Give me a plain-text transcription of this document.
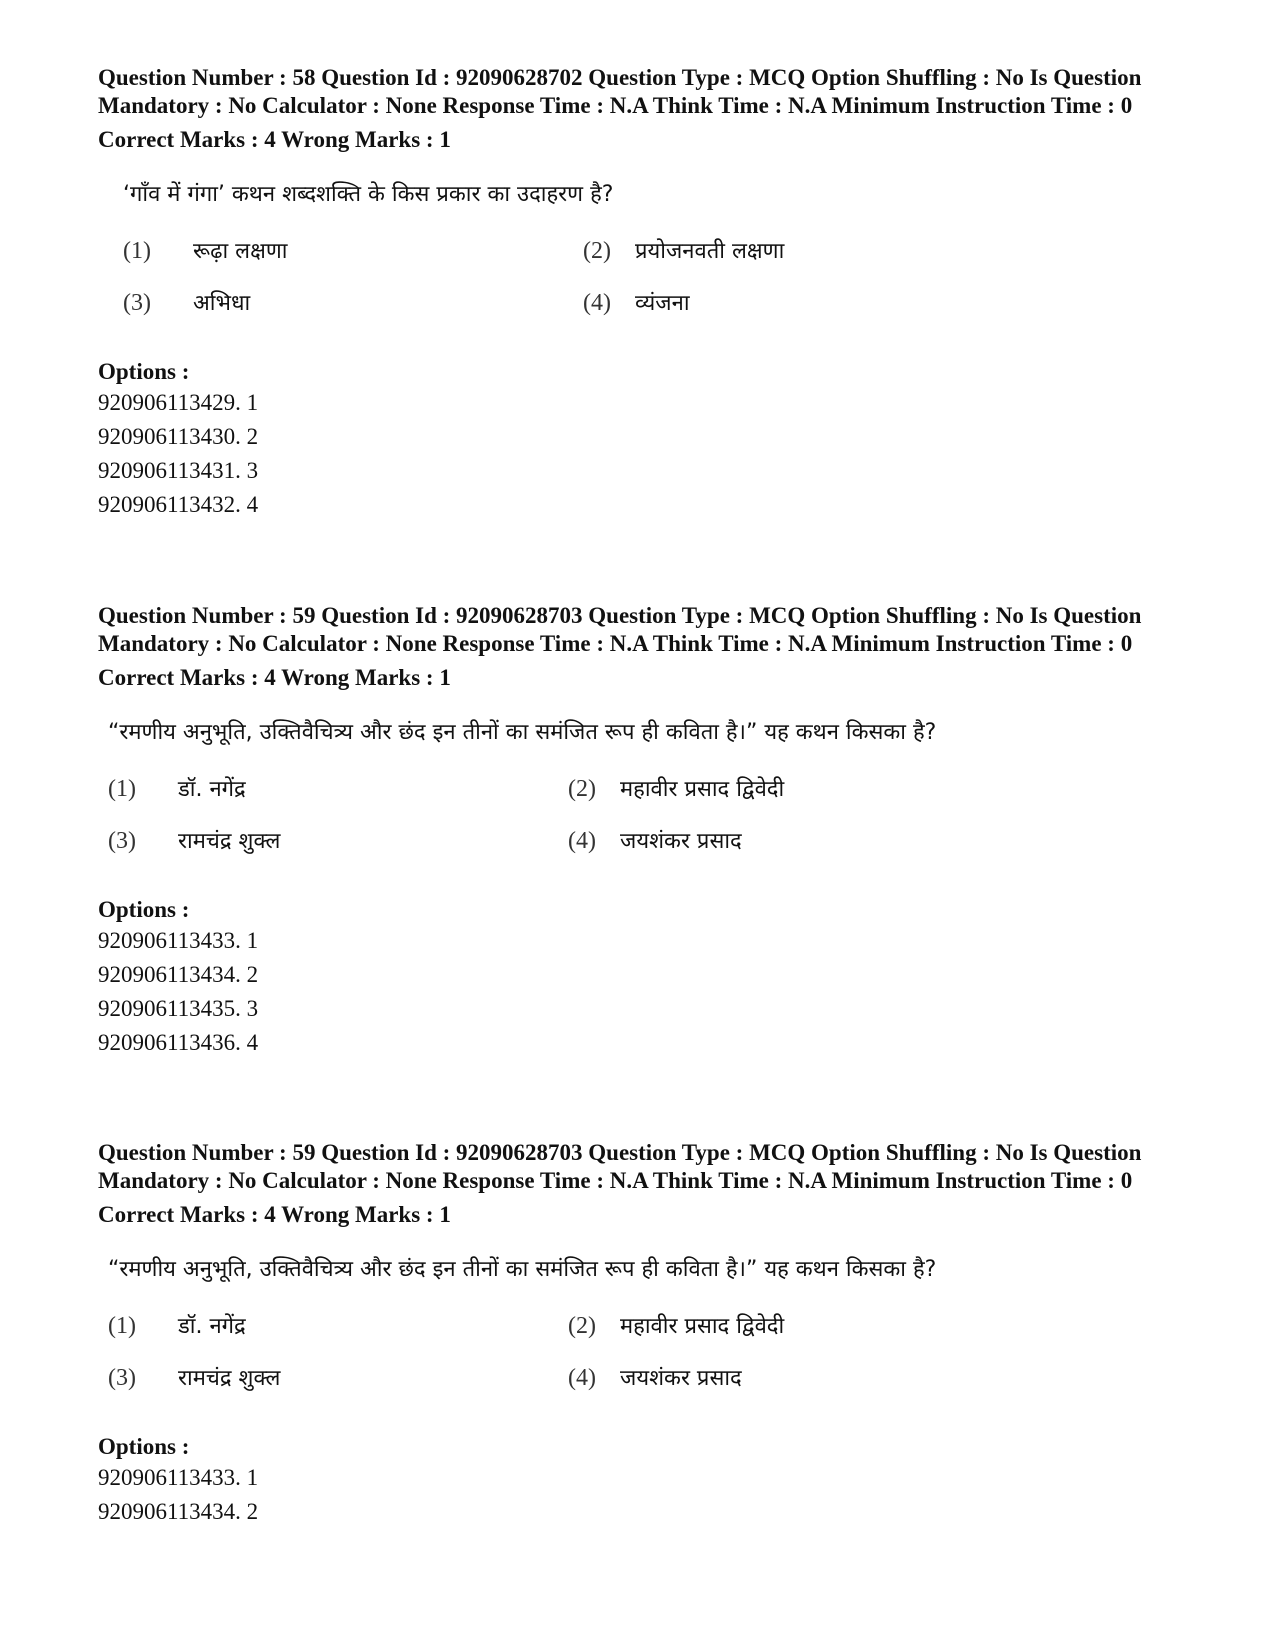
Question Number : 58 Question Id : 92090628702 Question Type : MCQ Option Shuffling : No Is Question Mandatory : No Calculator : None Response Time : N.A Think Time : N.A Minimum Instruction Time : 0

Correct Marks : 4 Wrong Marks : 1

‘गाँव में गंगा’ कथन शब्दशक्ति के किस प्रकार का उदाहरण है?
(1) रूढ़ा लक्षणा	(2) प्रयोजनवती लक्षणा
(3) अभिधा	(4) व्यंजना

Options :

920906113429. 1

920906113430. 2

920906113431. 3

920906113432. 4

Question Number : 59 Question Id : 92090628703 Question Type : MCQ Option Shuffling : No Is Question Mandatory : No Calculator : None Response Time : N.A Think Time : N.A Minimum Instruction Time : 0

Correct Marks : 4 Wrong Marks : 1

“रमणीय अनुभूति, उक्तिवैचित्र्य और छंद इन तीनों का समंजित रूप ही कविता है।” यह कथन किसका है?
(1) डॉ. नगेंद्र	(2) महावीर प्रसाद द्विवेदी
(3) रामचंद्र शुक्ल	(4) जयशंकर प्रसाद

Options :

920906113433. 1

920906113434. 2

920906113435. 3

920906113436. 4

Question Number : 59 Question Id : 92090628703 Question Type : MCQ Option Shuffling : No Is Question Mandatory : No Calculator : None Response Time : N.A Think Time : N.A Minimum Instruction Time : 0

Correct Marks : 4 Wrong Marks : 1

“रमणीय अनुभूति, उक्तिवैचित्र्य और छंद इन तीनों का समंजित रूप ही कविता है।” यह कथन किसका है?
(1) डॉ. नगेंद्र	(2) महावीर प्रसाद द्विवेदी
(3) रामचंद्र शुक्ल	(4) जयशंकर प्रसाद

Options :

920906113433. 1

920906113434. 2
